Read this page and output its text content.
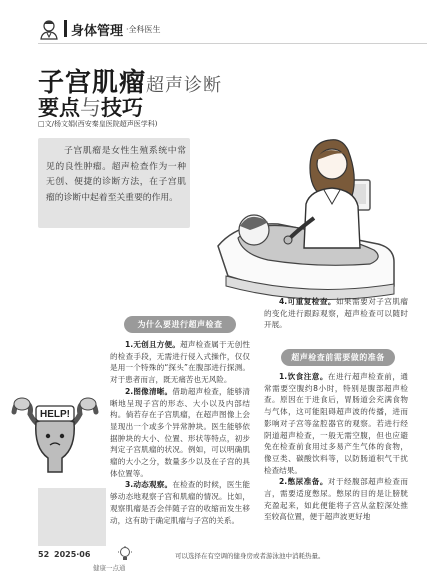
身体管理 ·全科医生
子宫肌瘤超声诊断
要点与技巧
□文/杨文娟(西安秦皇医院超声医学科)
子宫肌瘤是女性生殖系统中常见的良性肿瘤。超声检查作为一种无创、便捷的诊断方法，在子宫肌瘤的诊断中起着至关重要的作用。
为什么要进行超声检查
超声检查前需要做的准备

1.无创且方便。超声检查属于无创性的检查手段，无需进行侵入式操作，仅仅是用一个特殊的“探头”在腹部进行探测。对于患者而言，既无痛苦也无风险。

2.图像清晰。借助超声检查，能够清晰地呈现子宫的形态、大小以及内部结构。倘若存在子宫肌瘤，在超声图像上会显现出一个或多个异常肿块。医生能够依据肿块的大小、位置、形状等特点，初步判定子宫肌瘤的状况。例如，可以明确肌瘤的大小之分，数量多少以及在子宫的具体位置等。

3.动态观察。在检查的时候，医生能够动态地观察子宫和肌瘤的情况。比如，观察肌瘤是否会伴随子宫的收缩而发生移动，这有助于确定肌瘤与子宫的关系。

4.可重复检查。如果需要对子宫肌瘤的变化进行跟踪观察，超声检查可以随时开展。

1.饮食注意。在进行超声检查前，通常需要空腹约8小时，特别是腹部超声检查。原因在于进食后，胃肠道会充满食物与气体，这可能阻碍超声波的传播，进而影响对子宫等盆腔器官的观察。若进行经阴道超声检查，一般无需空腹，但也应避免在检查前食用过多易产生气体的食物，像豆类、碳酸饮料等，以防肠道积气干扰检查结果。

2.憋尿准备。对于经腹部超声检查而言，需要适度憋尿。憋尿的目的是让膀胱充盈起来，如此便能将子宫从盆腔深处推至较高位置，便于超声波更好地

HELP!
52 2025·06
健康一点通
可以选择在有空调的健身房或者游泳池中消耗热量。
